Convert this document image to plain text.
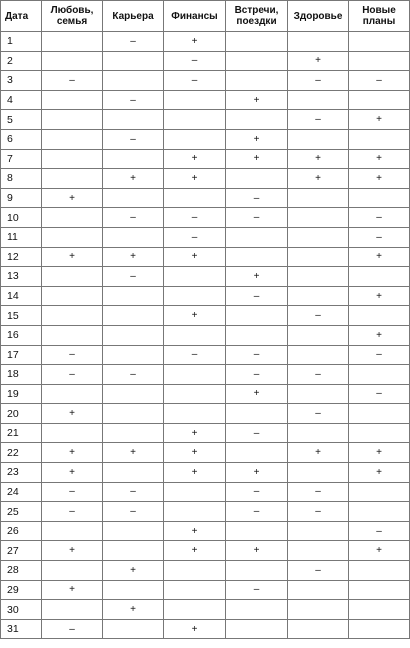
Дата	Любовь, семья	Карьера	Финансы	Встречи, поездки	Здоровье	Новые планы
1		–	+			
2			–		+	
3	–		–		–	–
4		–		+		
5					–	+
6		–		+		
7			+	+	+	+
8		+	+		+	+
9	+			–		
10		–	–	–		–
11			–			–
12	+	+	+			+
13		–		+		
14				–		+
15			+		–	
16						+
17	–		–	–		–
18	–	–		–	–	
19				+		–
20	+				–	
21			+	–		
22	+	+	+		+	+
23	+		+	+		+
24	–	–		–	–	
25	–	–		–	–	
26			+			–
27	+		+	+		+
28		+			–	
29	+			–		
30		+				
31	–		+			
